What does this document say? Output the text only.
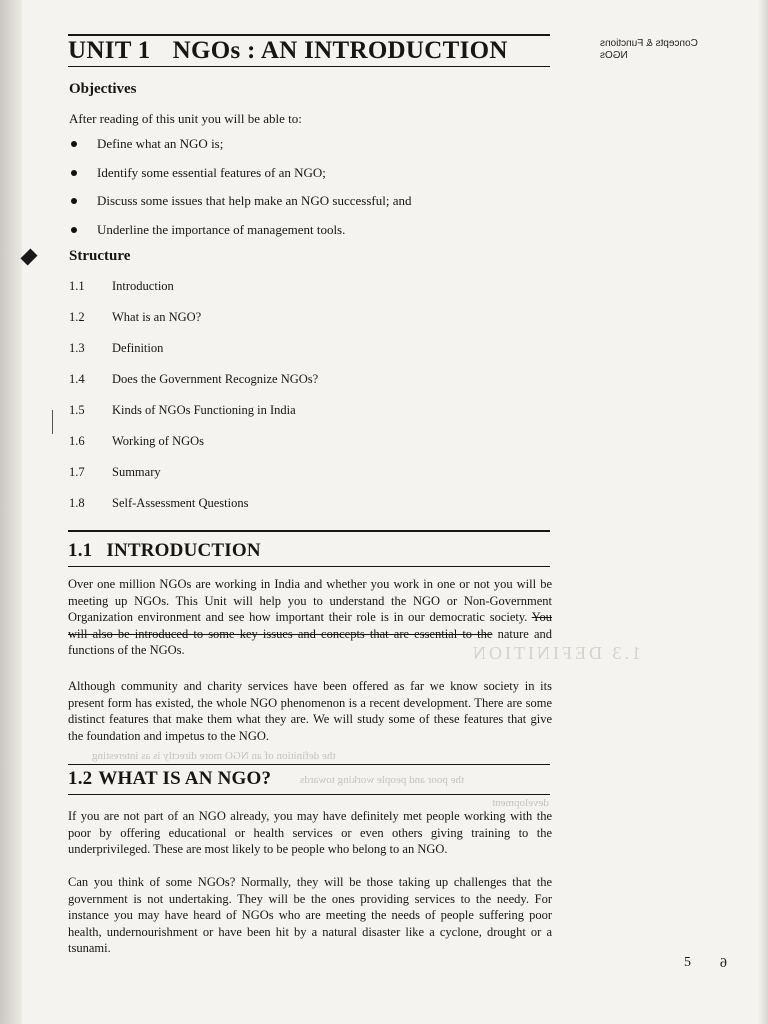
Concepts & Functions
NGOs
UNIT 1 NGOs : AN INTRODUCTION
Objectives

After reading of this unit you will be able to:

Define what an NGO is;
Identify some essential features of an NGO;
Discuss some issues that help make an NGO successful; and
Underline the importance of management tools.
Structure
1.1	Introduction
1.2	What is an NGO?
1.3	Definition
1.4	Does the Government Recognize NGOs?
1.5	Kinds of NGOs Functioning in India
1.6	Working of NGOs
1.7	Summary
1.8	Self-Assessment Questions
1.1 INTRODUCTION
Over one million NGOs are working in India and whether you work in one or not you will be meeting up NGOs. This Unit will help you to understand the NGO or Non-Government Organization environment and see how important their role is in our democratic society. You will also be introduced to some key issues and concepts that are essential to the nature and functions of the NGOs.	1.3 DEFINITION

Although community and charity services have been offered as far we know society in its present form has existed, the whole NGO phenomenon is a recent development. There are some distinct features that make them what they are. We will study some of these features that give the foundation and impetus to the NGO.

the definition of an NGO more directly is as interesting
1.2 WHAT IS AN NGO?	the poor and people working towards
development

If you are not part of an NGO already, you may have definitely met people working with the poor by offering educational or health services or even others giving training to the underprivileged. These are most likely to be people who belong to an NGO.

Can you think of some NGOs? Normally, they will be those taking up challenges that the government is not undertaking. They will be the ones providing services to the needy. For instance you may have heard of NGOs who are meeting the needs of people suffering poor health, undernourishment or have been hit by a natural disaster like a cyclone, drought or a tsunami.

5 6
